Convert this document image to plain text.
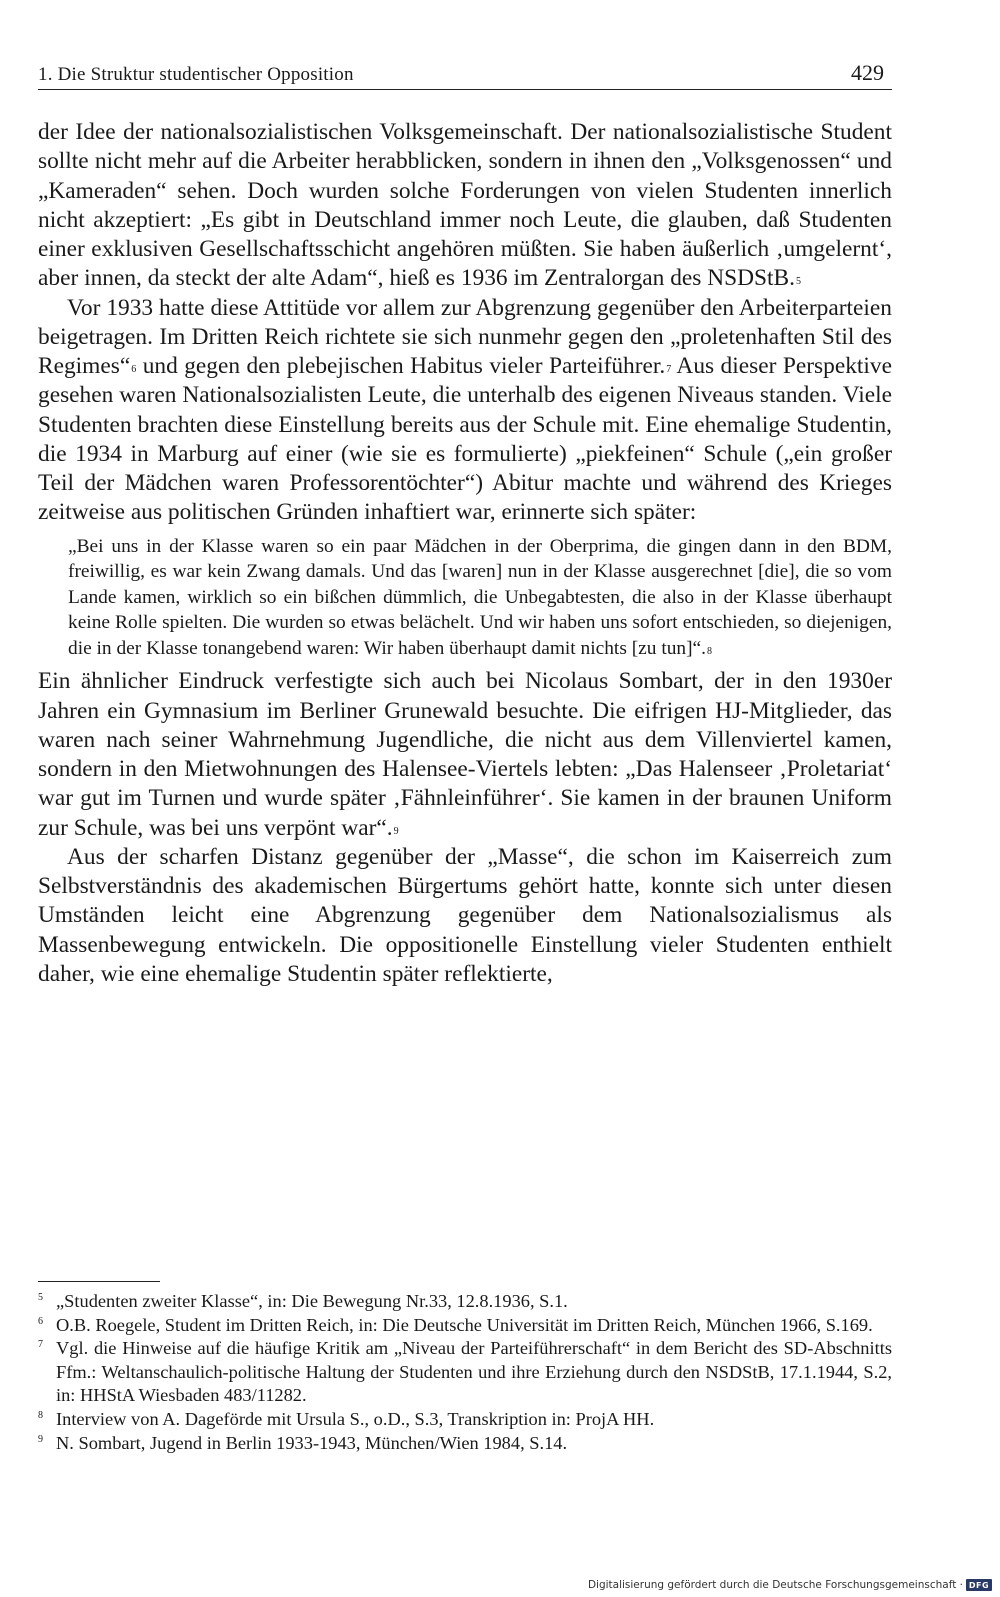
1. Die Struktur studentischer Opposition	429

der Idee der nationalsozialistischen Volksgemeinschaft. Der nationalsozialistische Student sollte nicht mehr auf die Arbeiter herabblicken, sondern in ihnen den „Volksgenossen“ und „Kameraden“ sehen. Doch wurden solche Forderungen von vielen Studenten innerlich nicht akzeptiert: „Es gibt in Deutschland immer noch Leute, die glauben, daß Studenten einer exklusiven Gesellschaftsschicht angehören müßten. Sie haben äußerlich ‚umgelernt‘, aber innen, da steckt der alte Adam“, hieß es 1936 im Zentralorgan des NSDStB.$^5$

Vor 1933 hatte diese Attitüde vor allem zur Abgrenzung gegenüber den Arbeiterparteien beigetragen. Im Dritten Reich richtete sie sich nunmehr gegen den „proletenhaften Stil des Regimes“$^6$ und gegen den plebejischen Habitus vieler Parteiführer.$^7$ Aus dieser Perspektive gesehen waren Nationalsozialisten Leute, die unterhalb des eigenen Niveaus standen. Viele Studenten brachten diese Einstellung bereits aus der Schule mit. Eine ehemalige Studentin, die 1934 in Marburg auf einer (wie sie es formulierte) „piekfeinen“ Schule („ein großer Teil der Mädchen waren Professorentöchter“) Abitur machte und während des Krieges zeitweise aus politischen Gründen inhaftiert war, erinnerte sich später:

„Bei uns in der Klasse waren so ein paar Mädchen in der Oberprima, die gingen dann in den BDM, freiwillig, es war kein Zwang damals. Und das [waren] nun in der Klasse ausgerechnet [die], die so vom Lande kamen, wirklich so ein bißchen dümmlich, die Unbegabtesten, die also in der Klasse überhaupt keine Rolle spielten. Die wurden so etwas belächelt. Und wir haben uns sofort entschieden, so diejenigen, die in der Klasse tonangebend waren: Wir haben überhaupt damit nichts [zu tun]“.$^8$

Ein ähnlicher Eindruck verfestigte sich auch bei Nicolaus Sombart, der in den 1930er Jahren ein Gymnasium im Berliner Grunewald besuchte. Die eifrigen HJ-Mitglieder, das waren nach seiner Wahrnehmung Jugendliche, die nicht aus dem Villenviertel kamen, sondern in den Mietwohnungen des Halensee-Viertels lebten: „Das Halenseer ‚Proletariat‘ war gut im Turnen und wurde später ‚Fähnleinführer‘. Sie kamen in der braunen Uniform zur Schule, was bei uns verpönt war“.$^9$

Aus der scharfen Distanz gegenüber der „Masse“, die schon im Kaiserreich zum Selbstverständnis des akademischen Bürgertums gehört hatte, konnte sich unter diesen Umständen leicht eine Abgrenzung gegenüber dem Nationalsozialismus als Massenbewegung entwickeln. Die oppositionelle Einstellung vieler Studenten enthielt daher, wie eine ehemalige Studentin später reflektierte,

5 „Studenten zweiter Klasse“, in: Die Bewegung Nr.33, 12.8.1936, S.1.
6 O.B. Roegele, Student im Dritten Reich, in: Die Deutsche Universität im Dritten Reich, München 1966, S.169.
7 Vgl. die Hinweise auf die häufige Kritik am „Niveau der Parteiführerschaft“ in dem Bericht des SD-Abschnitts Ffm.: Weltanschaulich-politische Haltung der Studenten und ihre Erziehung durch den NSDStB, 17.1.1944, S.2, in: HHStA Wiesbaden 483/11282.
8 Interview von A. Dageförde mit Ursula S., o.D., S.3, Transkription in: ProjA HH.
9 N. Sombart, Jugend in Berlin 1933-1943, München/Wien 1984, S.14.
Digitalisierung gefördert durch die Deutsche Forschungsgemeinschaft · DFG
